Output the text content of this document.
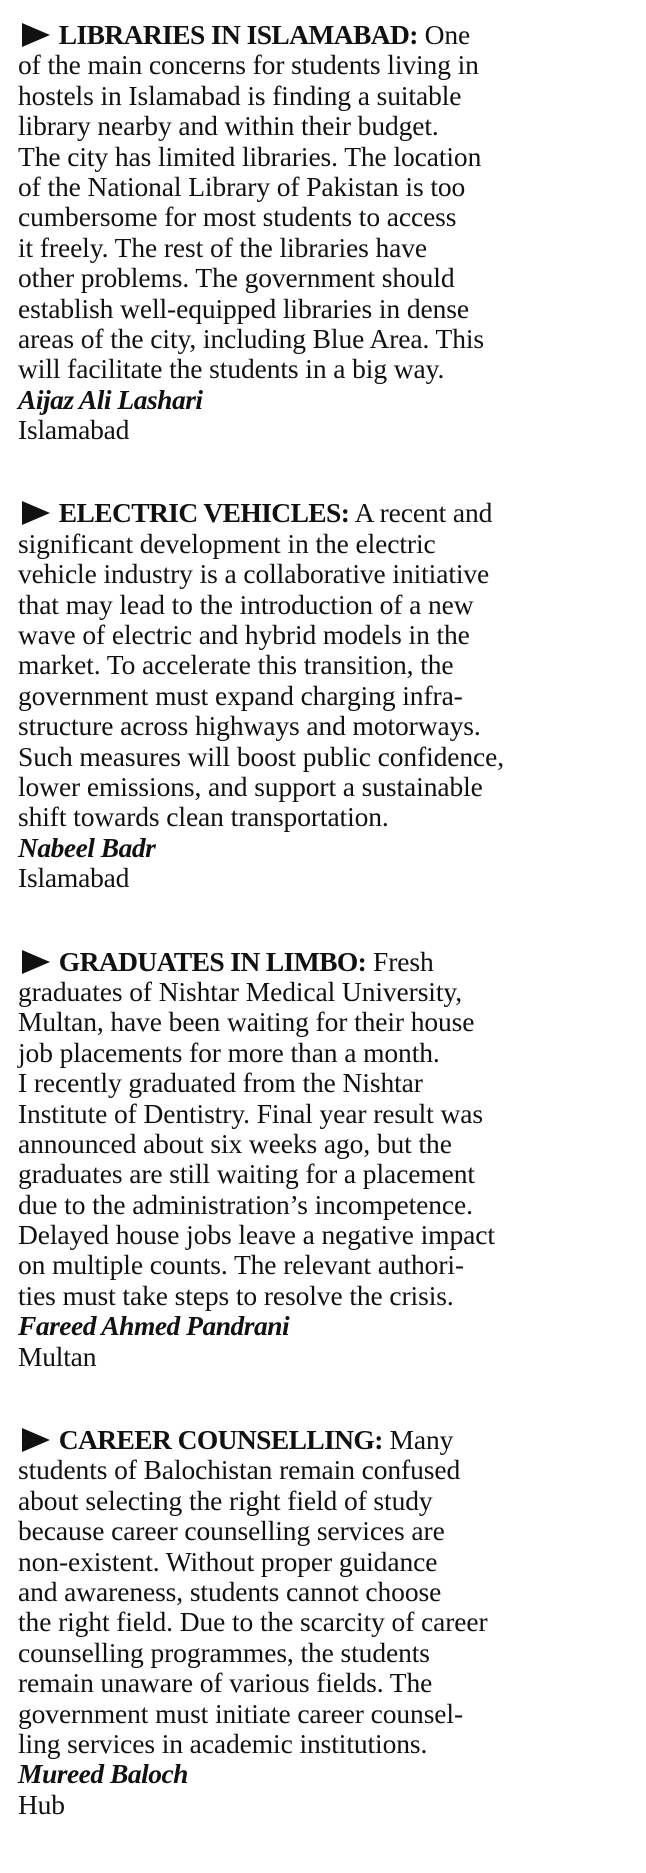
LIBRARIES IN ISLAMABAD: One
of the main concerns for students living in
hostels in Islamabad is finding a suitable
library nearby and within their budget.
The city has limited libraries. The location
of the National Library of Pakistan is too
cumbersome for most students to access
it freely. The rest of the libraries have
other problems. The government should
establish well-equipped libraries in dense
areas of the city, including Blue Area. This
will facilitate the students in a big way.
Aijaz Ali Lashari
Islamabad
ELECTRIC VEHICLES: A recent and
significant development in the electric
vehicle industry is a collaborative initiative
that may lead to the introduction of a new
wave of electric and hybrid models in the
market. To accelerate this transition, the
government must expand charging infra-
structure across highways and motorways.
Such measures will boost public confidence,
lower emissions, and support a sustainable
shift towards clean transportation.
Nabeel Badr
Islamabad
GRADUATES IN LIMBO: Fresh
graduates of Nishtar Medical University,
Multan, have been waiting for their house
job placements for more than a month.
I recently graduated from the Nishtar
Institute of Dentistry. Final year result was
announced about six weeks ago, but the
graduates are still waiting for a placement
due to the administration’s incompetence.
Delayed house jobs leave a negative impact
on multiple counts. The relevant authori-
ties must take steps to resolve the crisis.
Fareed Ahmed Pandrani
Multan
CAREER COUNSELLING: Many
students of Balochistan remain confused
about selecting the right field of study
because career counselling services are
non-existent. Without proper guidance
and awareness, students cannot choose
the right field. Due to the scarcity of career
counselling programmes, the students
remain unaware of various fields. The
government must initiate career counsel-
ling services in academic institutions.
Mureed Baloch
Hub
